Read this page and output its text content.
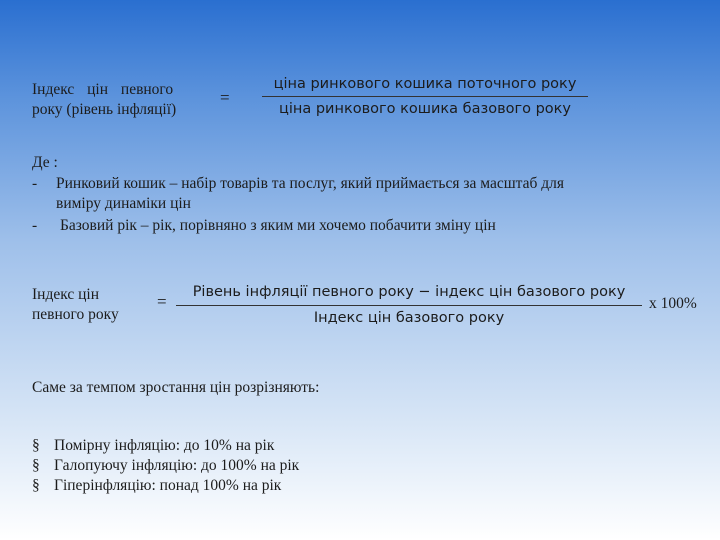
Індекс цін певного
року (рівень інфляції)
=
ціна ринкового кошика поточного року
ціна ринкового кошика базового року
Де :
- Ринковий кошик – набір товарів та послуг, який приймається за масштаб для
виміру динаміки цін
- Базовий рік – рік, порівняно з яким ми хочемо побачити зміну цін
Індекс цін
певного року
=	Рівень інфляції певного року − індекс цін базового року
Індекс цін базового року
х 100%
Саме за темпом зростання цін розрізняють:
§ Помірну інфляцію: до 10% на рік
§ Галопуючу інфляцію: до 100% на рік
§ Гіперінфляцію: понад 100% на рік
